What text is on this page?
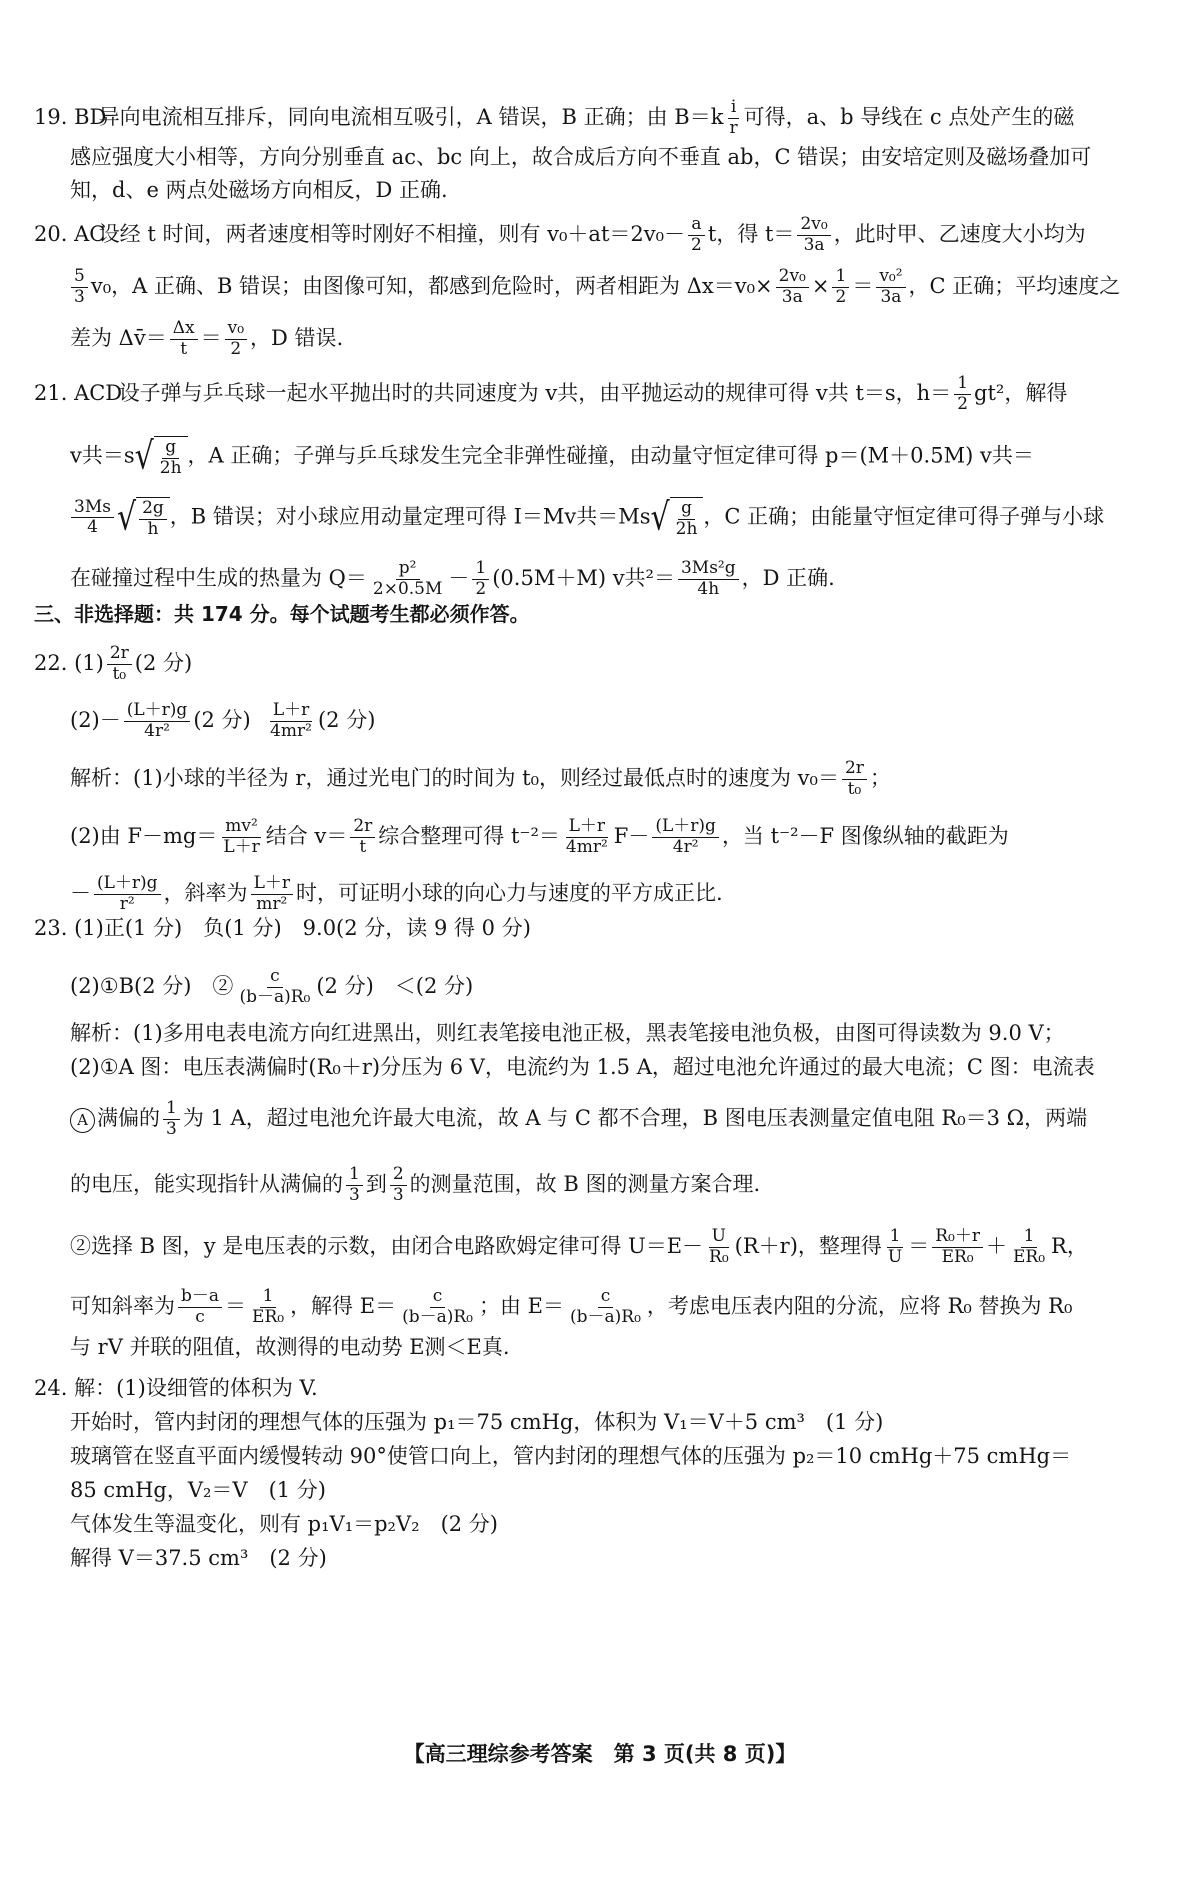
19. BD 异向电流相互排斥，同向电流相互吸引，A 错误，B 正确；由 $B=k \frac{i}{r}$ 可得，a、b 导线在 c 点处产生的磁
感应强度大小相等，方向分别垂直 ac、bc 向上，故合成后方向不垂直 ab，C 错误；由安培定则及磁场叠加可
知，d、e 两点处磁场方向相反，D 正确.
20. AC 设经 t 时间，两者速度相等时刚好不相撞，则有 $v_0+at=2v_0- \frac{a}{2}$ t，得 $t= \frac{\text{2v₀}}{3a}$ ，此时甲、乙速度大小均为
$\frac{5}{3} v_0$，A 正确、B 错误；由图像可知，都感到危险时，两者相距为 $\Delta x=v_0\times \frac{\text{2v₀}}{3a} \times \frac{1}{2} = \frac{\text{v₀²}}{3a}$ ，C 正确；平均速度之
差为 Δv̄＝ $\frac{\Delta x}{t} = \frac{\text{v₀}}{2}$ ，D 错误.
21. ACD 设子弹与乒乓球一起水平抛出时的共同速度为 v共，由平抛运动的规律可得 v共 t＝s，$h= \frac{1}{2} gt^2$，解得
v共＝s √ $\frac{g}{2h}$ ，A 正确；子弹与乒乓球发生完全非弹性碰撞，由动量守恒定律可得 p＝(M＋0.5M) v共＝
$\frac{3Ms}{4}$ √ $\frac{2g}{h}$ ，B 错误；对小球应用动量定理可得 I＝Mv共＝Ms √ $\frac{g}{2h}$ ，C 正确；由能量守恒定律可得子弹与小球
在碰撞过程中生成的热量为 $Q= \frac{\text{p²}}{2\times 0.5M} - \frac{1}{2} (0.5M+M)$ v共$^2= \frac{\text{3Ms²g}}{4h}$ ，D 正确.
三、非选择题：共 174 分。每个试题考生都必须作答。
22. $(1) \frac{2r}{\text{t₀}} (2$ 分)
$(2)- \frac{(L+r)g}{\text{4r²}} (2$ 分) $\frac{L+r}{\text{4mr²}} (2$ 分)
解析：(1)小球的半径为 r，通过光电门的时间为 t₀，则经过最低点时的速度为 $v_0= \frac{2r}{\text{t₀}}$ ；
(2)由 $F-mg= \frac{\text{mv²}}{L+r}$ 结合 $v= \frac{2r}{t}$ 综合整理可得 $t^{-2}= \frac{L+r}{\text{4mr²}} F- \frac{(L+r)g}{\text{4r²}}$ ，当 t⁻²－F 图像纵轴的截距为
－ $\frac{(L+r)g}{\text{r²}}$ ，斜率为 $\frac{L+r}{\text{mr²}}$ 时，可证明小球的向心力与速度的平方成正比.
23. (1)正(1 分)　负(1 分)　9.0(2 分，读 9 得 0 分)
(2)①B(2 分)　② $\frac{c}{\text{(b－a)R₀}} (2$ 分)　＜(2 分)
解析：(1)多用电表电流方向红进黑出，则红表笔接电池正极，黑表笔接电池负极，由图可得读数为 9.0 V；
(2)①A 图：电压表满偏时(R₀＋r)分压为 6 V，电流约为 1.5 A，超过电池允许通过的最大电流；C 图：电流表
A 满偏的 $\frac{1}{3}$ 为 1 A，超过电池允许最大电流，故 A 与 C 都不合理，B 图电压表测量定值电阻 R₀＝3 Ω，两端
的电压，能实现指针从满偏的 $\frac{1}{3}$ 到 $\frac{2}{3}$ 的测量范围，故 B 图的测量方案合理.
②选择 B 图，y 是电压表的示数，由闭合电路欧姆定律可得 $U=E- \frac{U}{\text{R₀}} (R+r)$，整理得 $\frac{1}{U} = \frac{\text{R₀＋r}}{\text{ER₀}} + \frac{1}{\text{ER₀}}$ R，
可知斜率为 $\frac{b-a}{c} = \frac{1}{\text{ER₀}}$ ，解得 $E= \frac{c}{\text{(b－a)R₀}}$ ；由 $E= \frac{c}{\text{(b－a)R₀}}$ ，考虑电压表内阻的分流，应将 R₀ 替换为 R₀
与 rV 并联的阻值，故测得的电动势 E测＜E真.
24. 解：(1)设细管的体积为 V.
开始时，管内封闭的理想气体的压强为 p₁＝75 cmHg，体积为 V₁＝V＋5 cm³　(1 分)
玻璃管在竖直平面内缓慢转动 90°使管口向上，管内封闭的理想气体的压强为 p₂＝10 cmHg＋75 cmHg＝
85 cmHg，V₂＝V　(1 分)
气体发生等温变化，则有 p₁V₁＝p₂V₂　(2 分)
解得 V＝37.5 cm³　(2 分)
【高三理综参考答案　第 3 页(共 8 页)】
